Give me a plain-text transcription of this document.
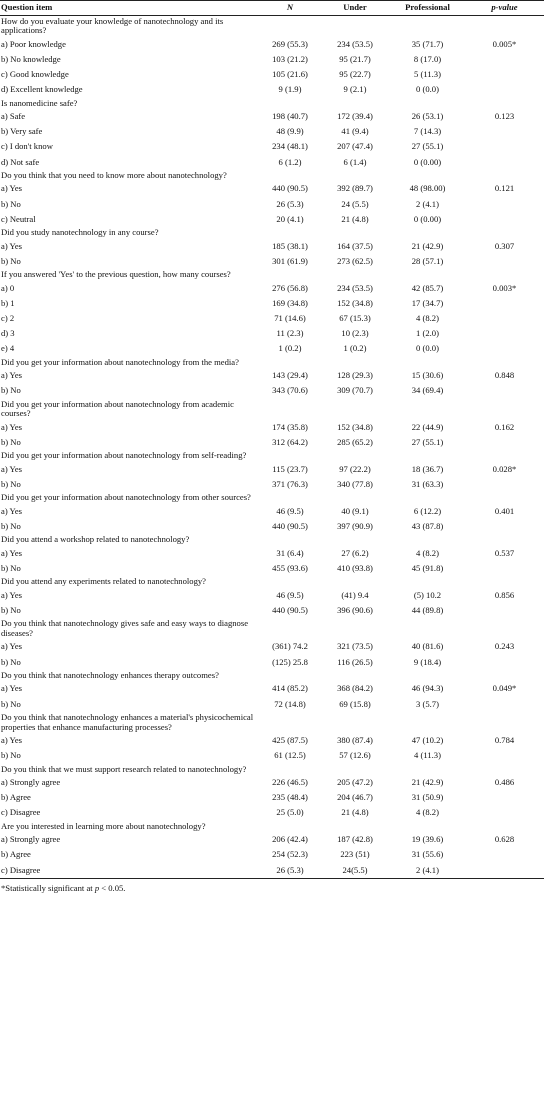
Question item	N	Under	Professional	p-value
How do you evaluate your knowledge of nanotechnology and its applications?				
a) Poor knowledge	269 (55.3)	234 (53.5)	35 (71.7)	0.005*
b) No knowledge	103 (21.2)	95 (21.7)	8 (17.0)	
c) Good knowledge	105 (21.6)	95 (22.7)	5 (11.3)	
d) Excellent knowledge	9 (1.9)	9 (2.1)	0 (0.0)	
Is nanomedicine safe?				
a) Safe	198 (40.7)	172 (39.4)	26 (53.1)	0.123
b) Very safe	48 (9.9)	41 (9.4)	7 (14.3)	
c) I don't know	234 (48.1)	207 (47.4)	27 (55.1)	
d) Not safe	6 (1.2)	6 (1.4)	0 (0.00)	
Do you think that you need to know more about nanotechnology?				
a) Yes	440 (90.5)	392 (89.7)	48 (98.00)	0.121
b) No	26 (5.3)	24 (5.5)	2 (4.1)	
c) Neutral	20 (4.1)	21 (4.8)	0 (0.00)	
Did you study nanotechnology in any course?				
a) Yes	185 (38.1)	164 (37.5)	21 (42.9)	0.307
b) No	301 (61.9)	273 (62.5)	28 (57.1)	
If you answered 'Yes' to the previous question, how many courses?				
a) 0	276 (56.8)	234 (53.5)	42 (85.7)	0.003*
b) 1	169 (34.8)	152 (34.8)	17 (34.7)	
c) 2	71 (14.6)	67 (15.3)	4 (8.2)	
d) 3	11 (2.3)	10 (2.3)	1 (2.0)	
e) 4	1 (0.2)	1 (0.2)	0 (0.0)	
Did you get your information about nanotechnology from the media?				
a) Yes	143 (29.4)	128 (29.3)	15 (30.6)	0.848
b) No	343 (70.6)	309 (70.7)	34 (69.4)	
Did you get your information about nanotechnology from academic courses?				
a) Yes	174 (35.8)	152 (34.8)	22 (44.9)	0.162
b) No	312 (64.2)	285 (65.2)	27 (55.1)	
Did you get your information about nanotechnology from self-reading?				
a) Yes	115 (23.7)	97 (22.2)	18 (36.7)	0.028*
b) No	371 (76.3)	340 (77.8)	31 (63.3)	
Did you get your information about nanotechnology from other sources?				
a) Yes	46 (9.5)	40 (9.1)	6 (12.2)	0.401
b) No	440 (90.5)	397 (90.9)	43 (87.8)	
Did you attend a workshop related to nanotechnology?				
a) Yes	31 (6.4)	27 (6.2)	4 (8.2)	0.537
b) No	455 (93.6)	410 (93.8)	45 (91.8)	
Did you attend any experiments related to nanotechnology?				
a) Yes	46 (9.5)	(41) 9.4	(5) 10.2	0.856
b) No	440 (90.5)	396 (90.6)	44 (89.8)	
Do you think that nanotechnology gives safe and easy ways to diagnose diseases?				
a) Yes	(361) 74.2	321 (73.5)	40 (81.6)	0.243
b) No	(125) 25.8	116 (26.5)	9 (18.4)	
Do you think that nanotechnology enhances therapy outcomes?				
a) Yes	414 (85.2)	368 (84.2)	46 (94.3)	0.049*
b) No	72 (14.8)	69 (15.8)	3 (5.7)	
Do you think that nanotechnology enhances a material's physicochemical properties that enhance manufacturing processes?				
a) Yes	425 (87.5)	380 (87.4)	47 (10.2)	0.784
b) No	61 (12.5)	57 (12.6)	4 (11.3)	
Do you think that we must support research related to nanotechnology?				
a) Strongly agree	226 (46.5)	205 (47.2)	21 (42.9)	0.486
b) Agree	235 (48.4)	204 (46.7)	31 (50.9)	
c) Disagree	25 (5.0)	21 (4.8)	4 (8.2)	
Are you interested in learning more about nanotechnology?				
a) Strongly agree	206 (42.4)	187 (42.8)	19 (39.6)	0.628
b) Agree	254 (52.3)	223 (51)	31 (55.6)	
c) Disagree	26 (5.3)	24(5.5)	2 (4.1)	
*Statistically significant at p < 0.05.
